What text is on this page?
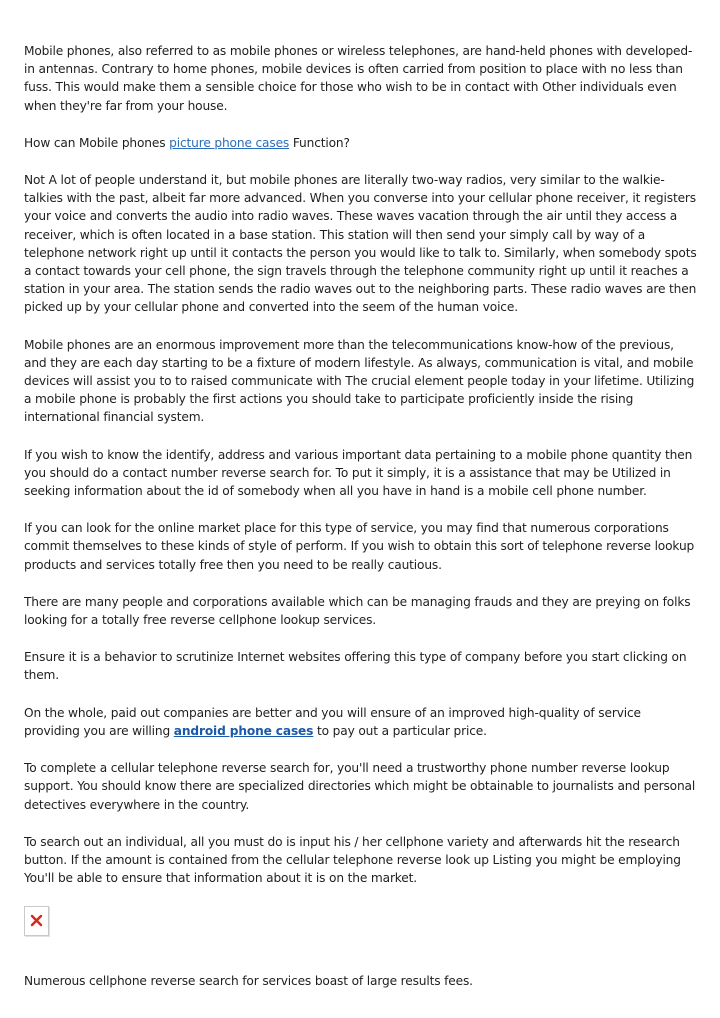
Mobile phones, also referred to as mobile phones or wireless telephones, are hand-held phones with developed-in antennas. Contrary to home phones, mobile devices is often carried from position to place with no less than fuss. This would make them a sensible choice for those who wish to be in contact with Other individuals even when they're far from your house.

How can Mobile phones picture phone cases Function?

Not A lot of people understand it, but mobile phones are literally two-way radios, very similar to the walkie-talkies with the past, albeit far more advanced. When you converse into your cellular phone receiver, it registers your voice and converts the audio into radio waves. These waves vacation through the air until they access a receiver, which is often located in a base station. This station will then send your simply call by way of a telephone network right up until it contacts the person you would like to talk to. Similarly, when somebody spots a contact towards your cell phone, the sign travels through the telephone community right up until it reaches a station in your area. The station sends the radio waves out to the neighboring parts. These radio waves are then picked up by your cellular phone and converted into the seem of the human voice.

Mobile phones are an enormous improvement more than the telecommunications know-how of the previous, and they are each day starting to be a fixture of modern lifestyle. As always, communication is vital, and mobile devices will assist you to to raised communicate with The crucial element people today in your lifetime. Utilizing a mobile phone is probably the first actions you should take to participate proficiently inside the rising international financial system.

If you wish to know the identify, address and various important data pertaining to a mobile phone quantity then you should do a contact number reverse search for. To put it simply, it is a assistance that may be Utilized in seeking information about the id of somebody when all you have in hand is a mobile cell phone number.

If you can look for the online market place for this type of service, you may find that numerous corporations commit themselves to these kinds of style of perform. If you wish to obtain this sort of telephone reverse lookup products and services totally free then you need to be really cautious.

There are many people and corporations available which can be managing frauds and they are preying on folks looking for a totally free reverse cellphone lookup services.

Ensure it is a behavior to scrutinize Internet websites offering this type of company before you start clicking on them.

On the whole, paid out companies are better and you will ensure of an improved high-quality of service providing you are willing android phone cases to pay out a particular price.

To complete a cellular telephone reverse search for, you'll need a trustworthy phone number reverse lookup support. You should know there are specialized directories which might be obtainable to journalists and personal detectives everywhere in the country.

To search out an individual, all you must do is input his / her cellphone variety and afterwards hit the research button. If the amount is contained from the cellular telephone reverse look up Listing you might be employing You'll be able to ensure that information about it is on the market.

Numerous cellphone reverse search for services boast of large results fees.
